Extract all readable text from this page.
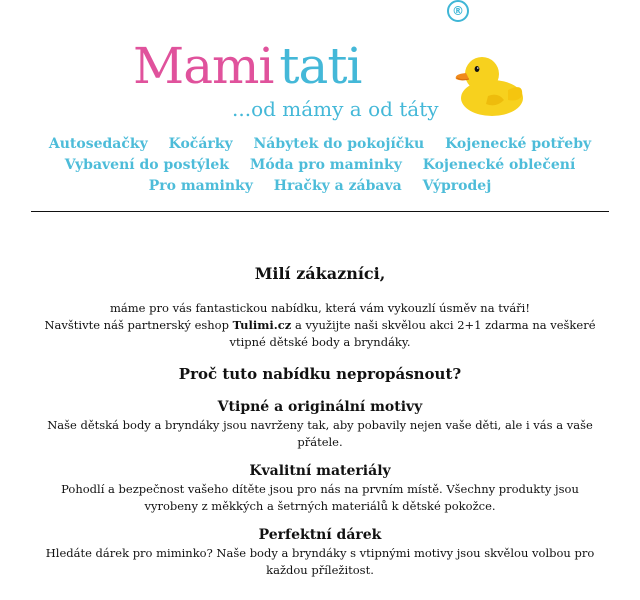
®
Mami tati
...od mámy a od táty
Autosedačky Kočárky Nábytek do pokojíčku Kojenecké potřeby
Vybavení do postýlek Móda pro maminky Kojenecké oblečení
Pro maminky Hračky a zábava Výprodej
Milí zákazníci,

máme pro vás fantastickou nabídku, která vám vykouzlí úsměv na tváři!

Navštivte náš partnerský eshop Tulimi.cz a využijte naši skvělou akci 2+1 zdarma na veškeré vtipné dětské body a bryndáky.

Proč tuto nabídku nepropásnout?
Vtipné a originální motivy

Naše dětská body a bryndáky jsou navrženy tak, aby pobavily nejen vaše děti, ale i vás a vaše přátele.

Kvalitní materiály

Pohodlí a bezpečnost vašeho dítěte jsou pro nás na prvním místě. Všechny produkty jsou vyrobeny z měkkých a šetrných materiálů k dětské pokožce.

Perfektní dárek

Hledáte dárek pro miminko? Naše body a bryndáky s vtipnými motivy jsou skvělou volbou pro každou příležitost.
